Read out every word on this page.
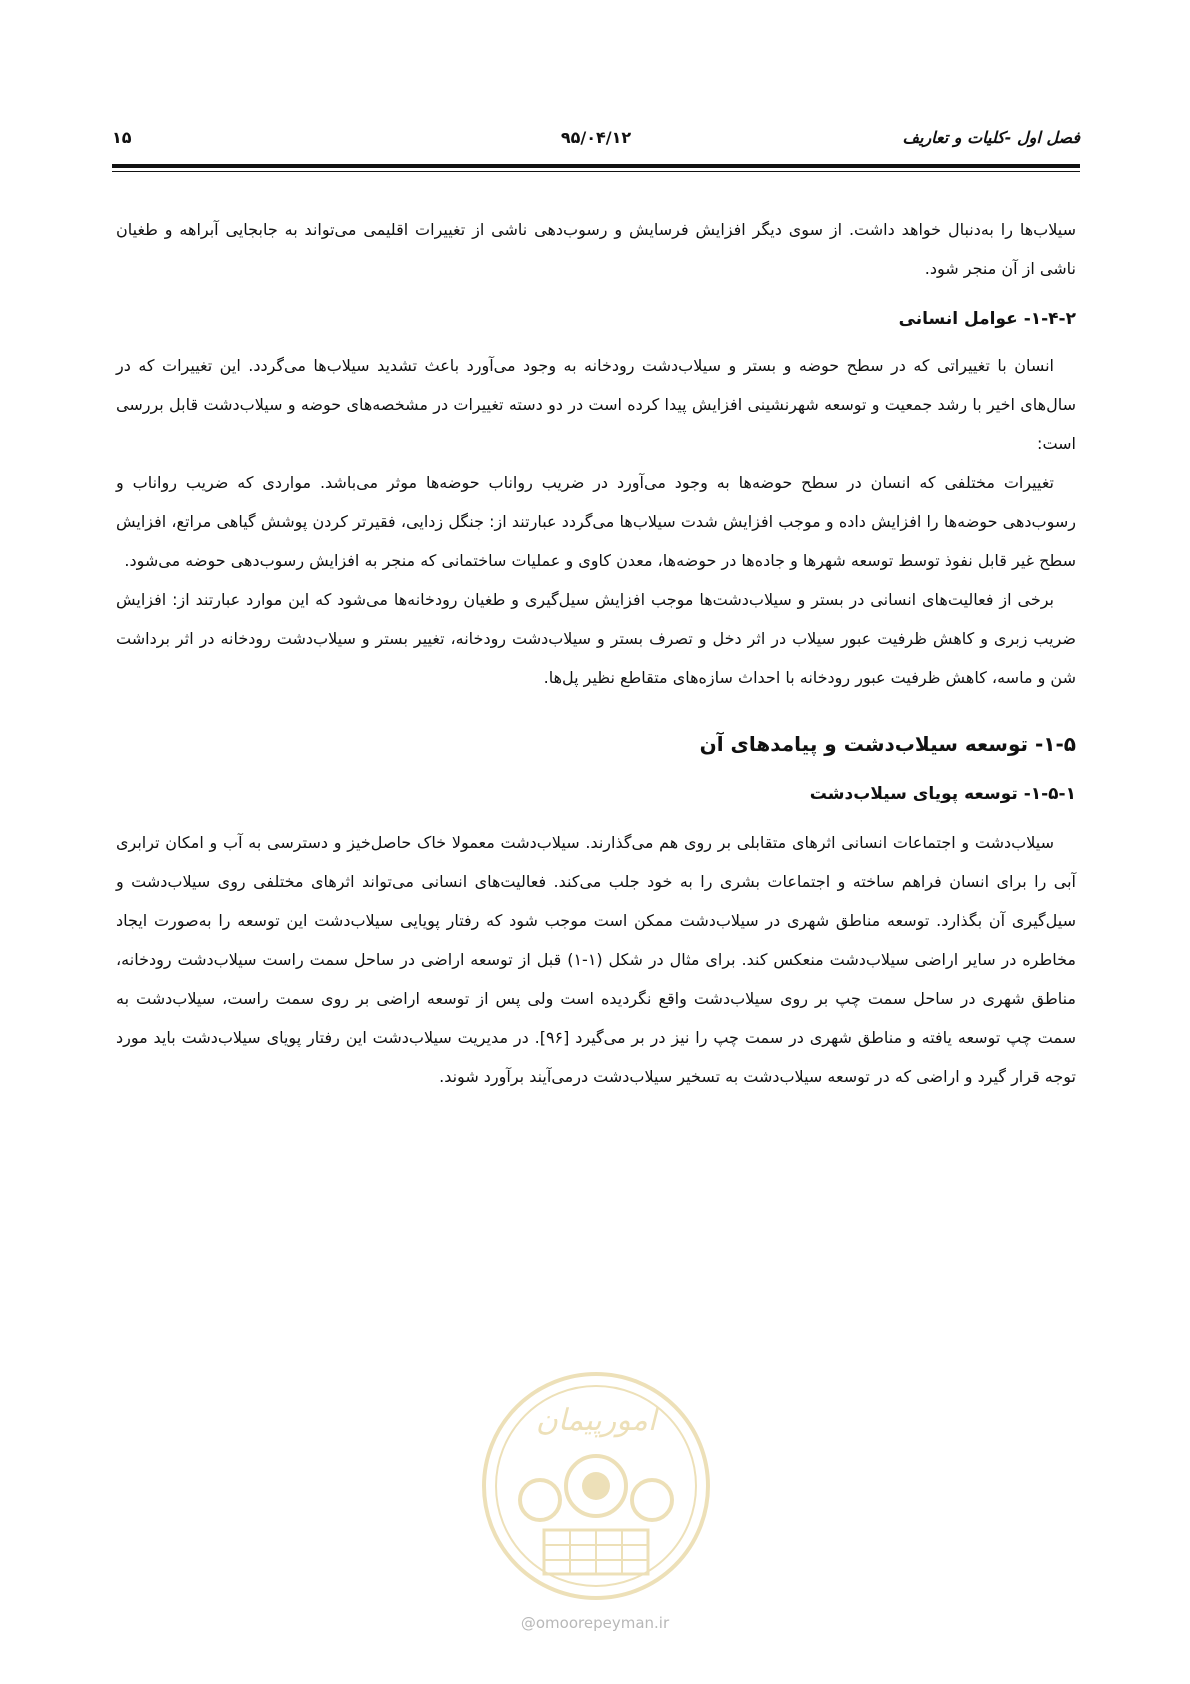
فصل اول -کلیات و تعاریف
۹۵/۰۴/۱۲
۱۵

سیلاب‌ها را به‌دنبال خواهد داشت. از سوی دیگر افزایش فرسایش و رسوب‌دهی ناشی از تغییرات اقلیمی می‌تواند به جابجایی آبراهه و طغیان ناشی از آن منجر شود.

۱-۴-۲- عوامل انسانی

انسان با تغییراتی که در سطح حوضه و بستر و سیلاب‌دشت رودخانه به وجود می‌آورد باعث تشدید سیلاب‌ها می‌گردد. این تغییرات که در سال‌های اخیر با رشد جمعیت و توسعه شهرنشینی افزایش پیدا کرده است در دو دسته تغییرات در مشخصه‌های حوضه و سیلاب‌دشت قابل بررسی است:

تغییرات مختلفی که انسان در سطح حوضه‌ها به وجود می‌آورد در ضریب رواناب حوضه‌ها موثر می‌باشد. مواردی که ضریب رواناب و رسوب‌دهی حوضه‌ها را افزایش داده و موجب افزایش شدت سیلاب‌ها می‌گردد عبارتند از: جنگل زدایی، فقیرتر کردن پوشش گیاهی مراتع، افزایش سطح غیر قابل نفوذ توسط توسعه شهرها و جاده‌ها در حوضه‌ها، معدن کاوی و عملیات ساختمانی که منجر به افزایش رسوب‌دهی حوضه می‌شود.

برخی از فعالیت‌های انسانی در بستر و سیلاب‌دشت‌ها موجب افزایش سیل‌گیری و طغیان رودخانه‌ها می‌شود که این موارد عبارتند از: افزایش ضریب زبری و کاهش ظرفیت عبور سیلاب در اثر دخل و تصرف بستر و سیلاب‌دشت رودخانه، تغییر بستر و سیلاب‌دشت رودخانه در اثر برداشت شن و ماسه، کاهش ظرفیت عبور رودخانه با احداث سازه‌های متقاطع نظیر پل‌ها.

۱-۵- توسعه سیلاب‌دشت و پیامدهای آن
۱-۵-۱- توسعه پویای سیلاب‌دشت

سیلاب‌دشت و اجتماعات انسانی اثرهای متقابلی بر روی هم می‌گذارند. سیلاب‌دشت معمولا خاک حاصل‌خیز و دسترسی به آب و امکان ترابری آبی را برای انسان فراهم ساخته و اجتماعات بشری را به خود جلب می‌کند. فعالیت‌های انسانی می‌تواند اثرهای مختلفی روی سیلاب‌دشت و سیل‌گیری آن بگذارد. توسعه مناطق شهری در سیلاب‌دشت ممکن است موجب شود که رفتار پویایی سیلاب‌دشت این توسعه را به‌صورت ایجاد مخاطره در سایر اراضی سیلاب‌دشت منعکس کند. برای مثال در شکل (۱-۱) قبل از توسعه اراضی در ساحل سمت راست سیلاب‌دشت رودخانه، مناطق شهری در ساحل سمت چپ بر روی سیلاب‌دشت واقع نگردیده است ولی پس از توسعه اراضی بر روی سمت راست، سیلاب‌دشت به سمت چپ توسعه یافته و مناطق شهری در سمت چپ را نیز در بر می‌گیرد [۹۶]. در مدیریت سیلاب‌دشت این رفتار پویای سیلاب‌دشت باید مورد توجه قرار گیرد و اراضی که در توسعه سیلاب‌دشت به تسخیر سیلاب‌دشت درمی‌آیند برآورد شوند.

امورپیمان
@omoorepeyman.ir
